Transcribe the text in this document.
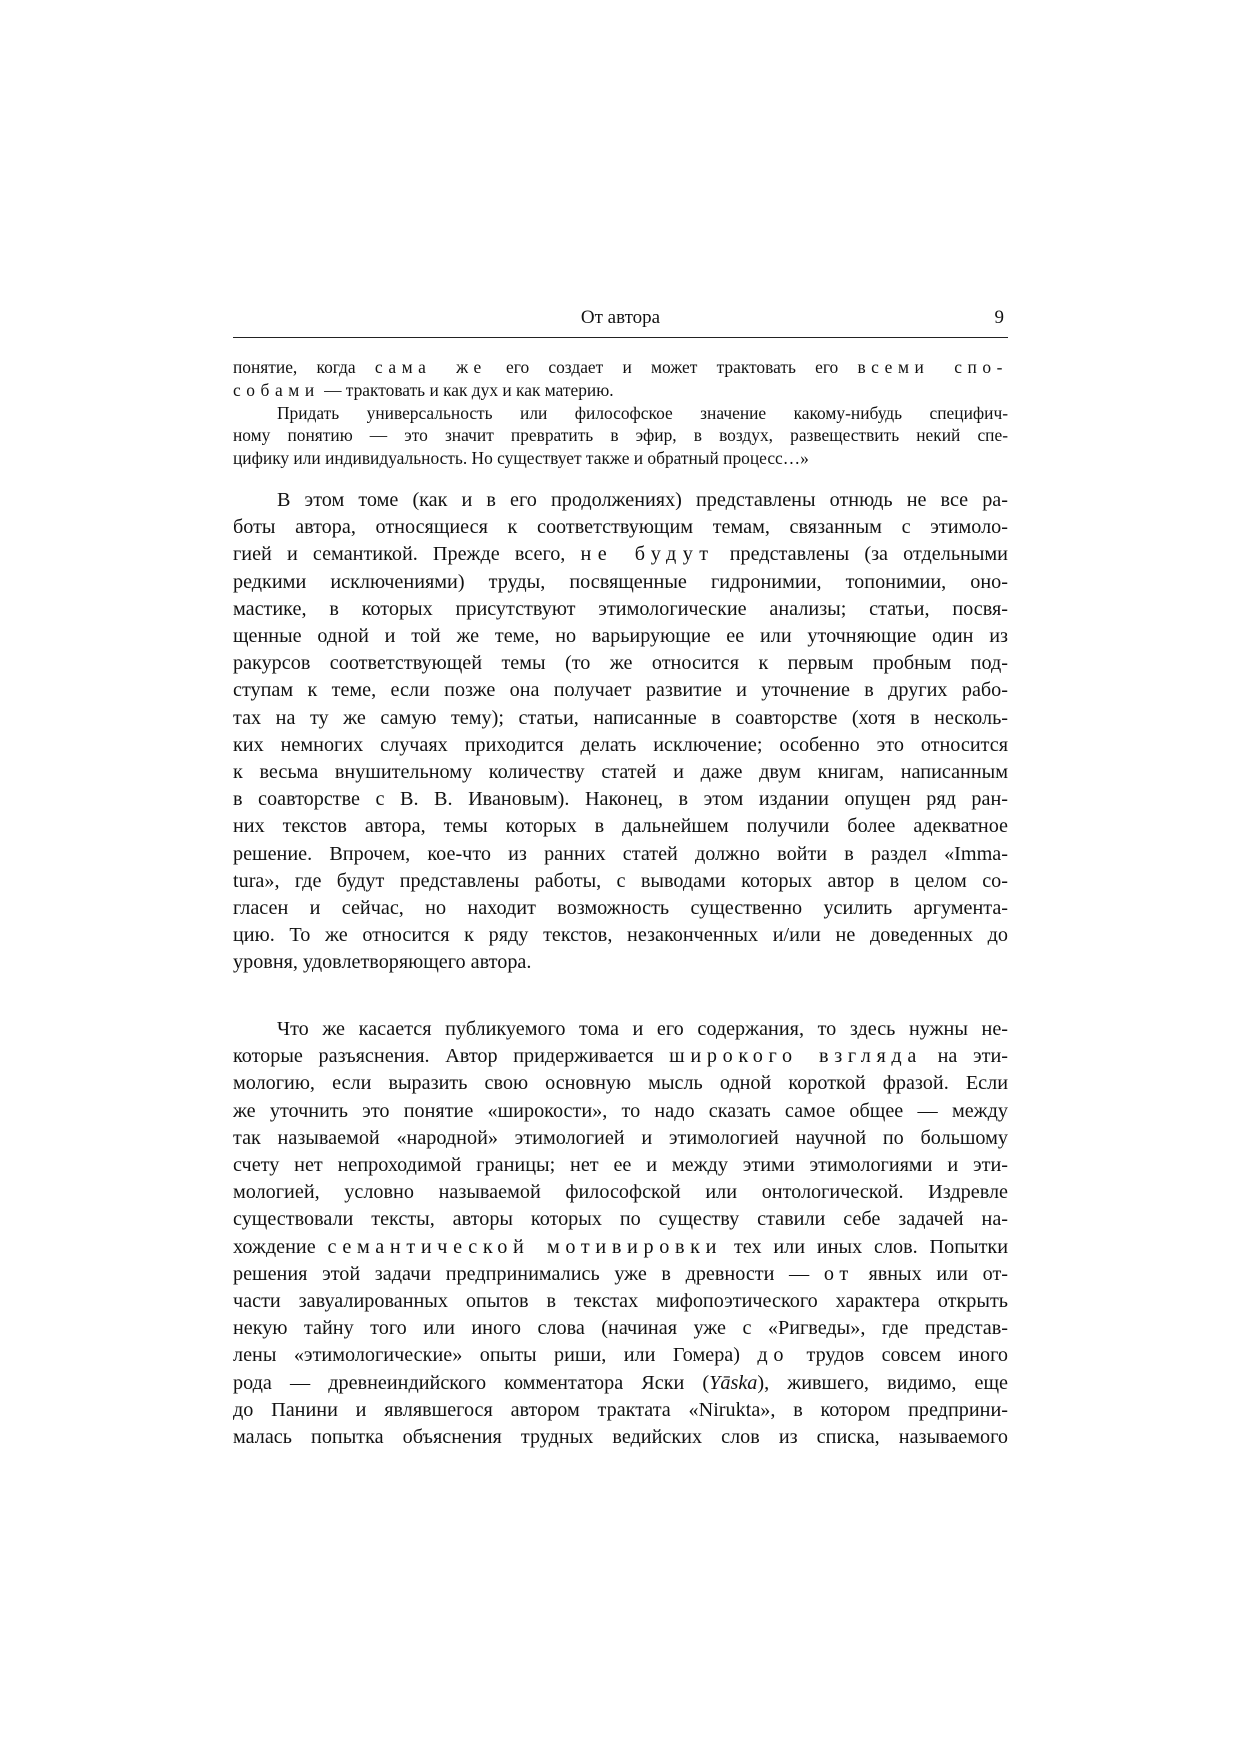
От автора	9
понятие, когда сама же его создает и может трактовать его всеми спо-
собами — трактовать и как дух и как материю.
Придать универсальность или философское значение какому-нибудь специфич-
ному понятию — это значит превратить в эфир, в воздух, развеществить некий спе-
цифику или индивидуальность. Но существует также и обратный процесс…»
В этом томе (как и в его продолжениях) представлены отнюдь не все ра-
боты автора, относящиеся к соответствующим темам, связанным с этимоло-
гией и семантикой. Прежде всего, не будут представлены (за отдельными
редкими исключениями) труды, посвященные гидронимии, топонимии, оно-
мастике, в которых присутствуют этимологические анализы; статьи, посвя-
щенные одной и той же теме, но варьирующие ее или уточняющие один из
ракурсов соответствующей темы (то же относится к первым пробным под-
ступам к теме, если позже она получает развитие и уточнение в других рабо-
тах на ту же самую тему); статьи, написанные в соавторстве (хотя в несколь-
ких немногих случаях приходится делать исключение; особенно это относится
к весьма внушительному количеству статей и даже двум книгам, написанным
в соавторстве с В. В. Ивановым). Наконец, в этом издании опущен ряд ран-
них текстов автора, темы которых в дальнейшем получили более адекватное
решение. Впрочем, кое-что из ранних статей должно войти в раздел «Imma-
tura», где будут представлены работы, с выводами которых автор в целом со-
гласен и сейчас, но находит возможность существенно усилить аргумента-
цию. То же относится к ряду текстов, незаконченных и/или не доведенных до
уровня, удовлетворяющего автора.
Что же касается публикуемого тома и его содержания, то здесь нужны не-
которые разъяснения. Автор придерживается широкого взгляда на эти-
мологию, если выразить свою основную мысль одной короткой фразой. Если
же уточнить это понятие «широкости», то надо сказать самое общее — между
так называемой «народной» этимологией и этимологией научной по большому
счету нет непроходимой границы; нет ее и между этими этимологиями и эти-
мологией, условно называемой философской или онтологической. Издревле
существовали тексты, авторы которых по существу ставили себе задачей на-
хождение семантической мотивировки тех или иных слов. Попытки
решения этой задачи предпринимались уже в древности — от явных или от-
части завуалированных опытов в текстах мифопоэтического характера открыть
некую тайну того или иного слова (начиная уже с «Ригведы», где представ-
лены «этимологические» опыты риши, или Гомера) до трудов совсем иного
рода — древнеиндийского комментатора Яски (Yāska), жившего, видимо, еще
до Панини и являвшегося автором трактата «Nirukta», в котором предприни-
малась попытка объяснения трудных ведийских слов из списка, называемого
